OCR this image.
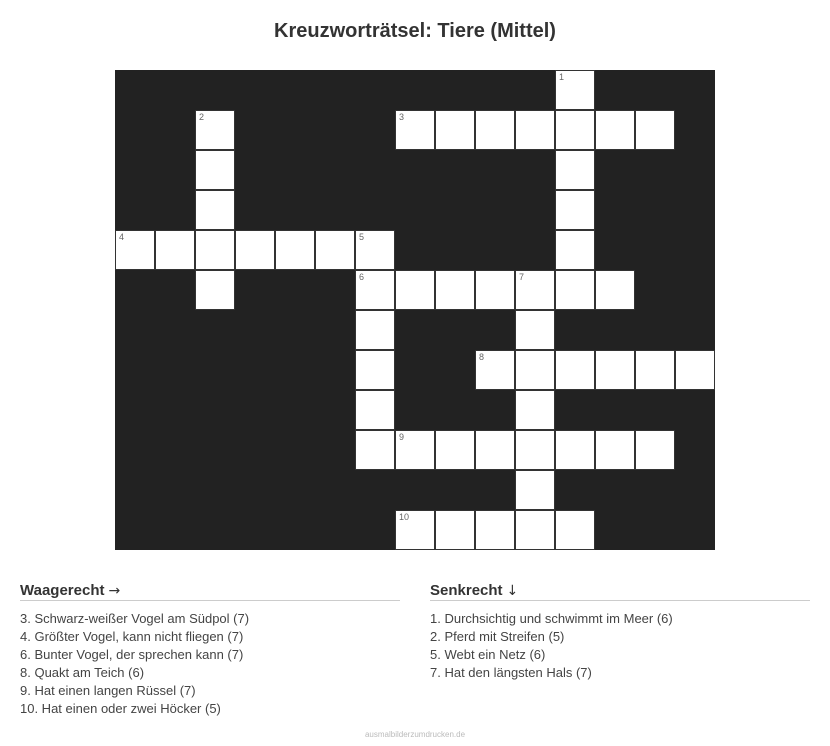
Kreuzworträtsel: Tiere (Mittel)
1
2	3
4	5
6	7
8
9
10
Waagerecht →
3. Schwarz-weißer Vogel am Südpol (7)
4. Größter Vogel, kann nicht fliegen (7)
6. Bunter Vogel, der sprechen kann (7)
8. Quakt am Teich (6)
9. Hat einen langen Rüssel (7)
10. Hat einen oder zwei Höcker (5)
Senkrecht ↓
1. Durchsichtig und schwimmt im Meer (6)
2. Pferd mit Streifen (5)
5. Webt ein Netz (6)
7. Hat den längsten Hals (7)
ausmalbilderzumdrucken.de
